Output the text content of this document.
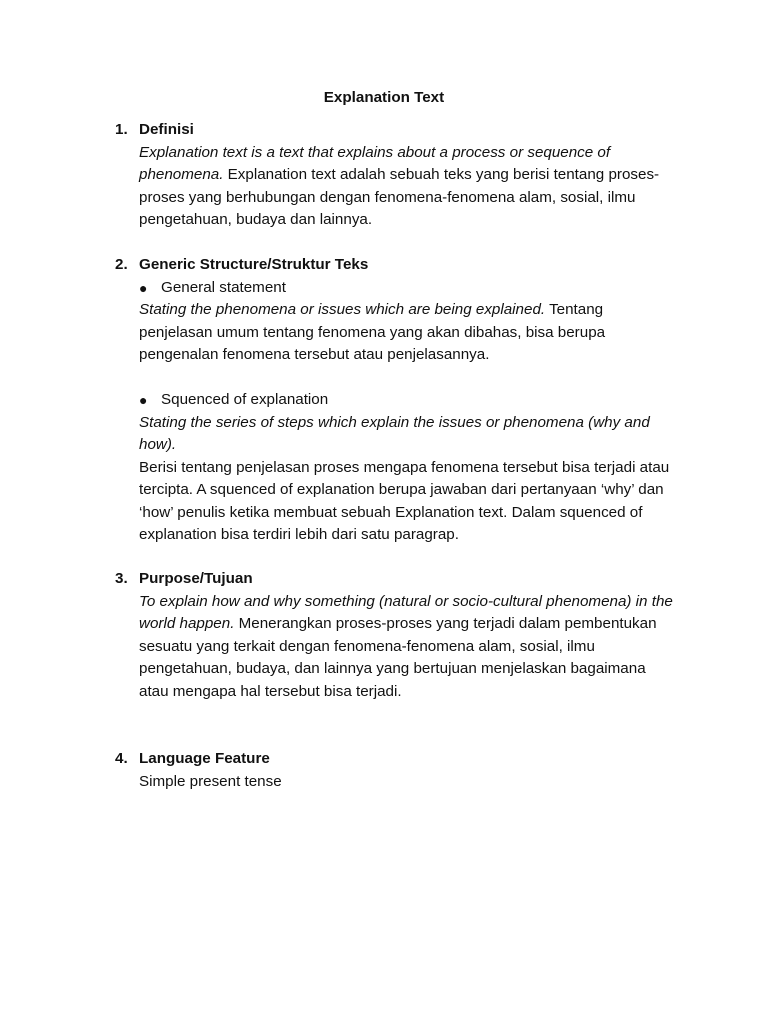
Explanation Text
1. Definisi
Explanation text is a text that explains about a process or sequence of phenomena. Explanation text adalah sebuah teks yang berisi tentang proses-proses yang berhubungan dengan fenomena-fenomena alam, sosial, ilmu pengetahuan, budaya dan lainnya.
2. Generic Structure/Struktur Teks
● General statement
Stating the phenomena or issues which are being explained. Tentang penjelasan umum tentang fenomena yang akan dibahas, bisa berupa pengenalan fenomena tersebut atau penjelasannya.
● Squenced of explanation
Stating the series of steps which explain the issues or phenomena (why and how).
Berisi tentang penjelasan proses mengapa fenomena tersebut bisa terjadi atau tercipta. A squenced of explanation berupa jawaban dari pertanyaan ‘why’ dan ‘how’ penulis ketika membuat sebuah Explanation text. Dalam squenced of explanation bisa terdiri lebih dari satu paragrap.
3. Purpose/Tujuan
To explain how and why something (natural or socio-cultural phenomena) in the world happen. Menerangkan proses-proses yang terjadi dalam pembentukan sesuatu yang terkait dengan fenomena-fenomena alam, sosial, ilmu pengetahuan, budaya, dan lainnya yang bertujuan menjelaskan bagaimana atau mengapa hal tersebut bisa terjadi.
4. Language Feature
Simple present tense
